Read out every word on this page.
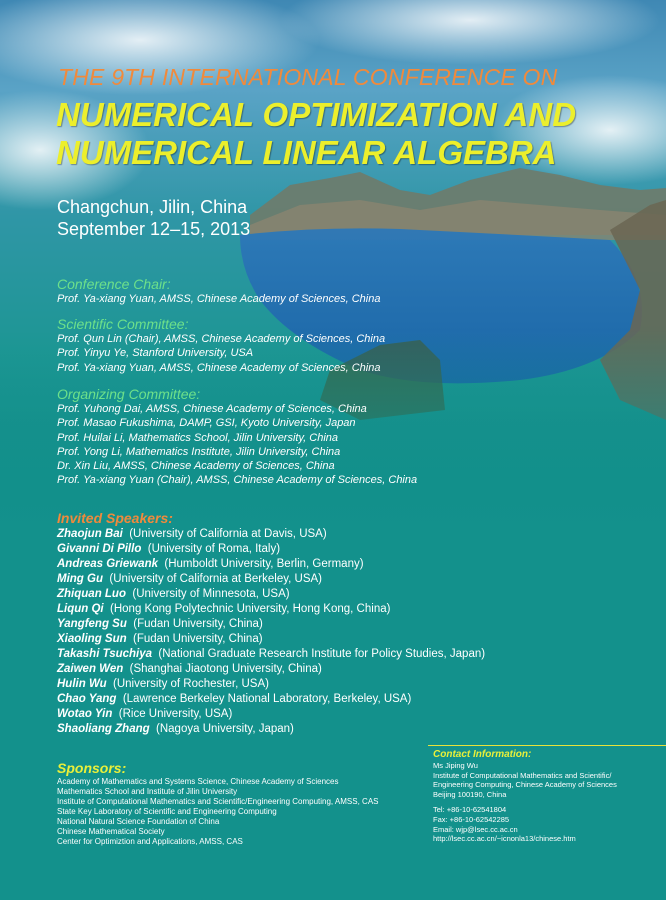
THE 9TH INTERNATIONAL CONFERENCE ON
NUMERICAL OPTIMIZATION AND
NUMERICAL LINEAR ALGEBRA
Changchun, Jilin, China
September 12–15, 2013
Conference Chair:
Prof. Ya-xiang Yuan, AMSS, Chinese Academy of Sciences, China
Scientific Committee:
Prof. Qun Lin (Chair), AMSS, Chinese Academy of Sciences, China
Prof. Yinyu Ye, Stanford University, USA
Prof. Ya-xiang Yuan, AMSS, Chinese Academy of Sciences, China
Organizing Committee:
Prof. Yuhong Dai, AMSS, Chinese Academy of Sciences, China
Prof. Masao Fukushima, DAMP, GSI, Kyoto University, Japan
Prof. Huilai Li, Mathematics School, Jilin University, China
Prof. Yong Li, Mathematics Institute, Jilin University, China
Dr. Xin Liu, AMSS, Chinese Academy of Sciences, China
Prof. Ya-xiang Yuan (Chair), AMSS, Chinese Academy of Sciences, China
Invited Speakers:
Zhaojun Bai (University of California at Davis, USA)
Givanni Di Pillo (University of Roma, Italy)
Andreas Griewank (Humboldt University, Berlin, Germany)
Ming Gu (University of California at Berkeley, USA)
Zhiquan Luo (University of Minnesota, USA)
Liqun Qi (Hong Kong Polytechnic University, Hong Kong, China)
Yangfeng Su (Fudan University, China)
Xiaoling Sun (Fudan University, China)
Takashi Tsuchiya (National Graduate Research Institute for Policy Studies, Japan)
Zaiwen Wen (Shanghai Jiaotong University, China)
Hulin Wu (University of Rochester, USA)
Chao Yang (Lawrence Berkeley National Laboratory, Berkeley, USA)
Wotao Yin (Rice University, USA)
Shaoliang Zhang (Nagoya University, Japan)
Sponsors:
Academy of Mathematics and Systems Science, Chinese Academy of Sciences
Mathematics School and Institute of Jilin University
Institute of Computational Mathematics and Scientific/Engineering Computing, AMSS, CAS
State Key Laboratory of Scientific and Engineering Computing
National Natural Science Foundation of China
Chinese Mathematical Society
Center for Optimiztion and Applications, AMSS, CAS
Contact Information:
Ms Jiping Wu
Institute of Computational Mathematics and Scientific/
Engineering Computing, Chinese Academy of Sciences
Beijing 100190, China
Tel: +86-10-62541804
Fax: +86-10-62542285
Email: wjp@lsec.cc.ac.cn
http://lsec.cc.ac.cn/~icnonla13/chinese.htm
